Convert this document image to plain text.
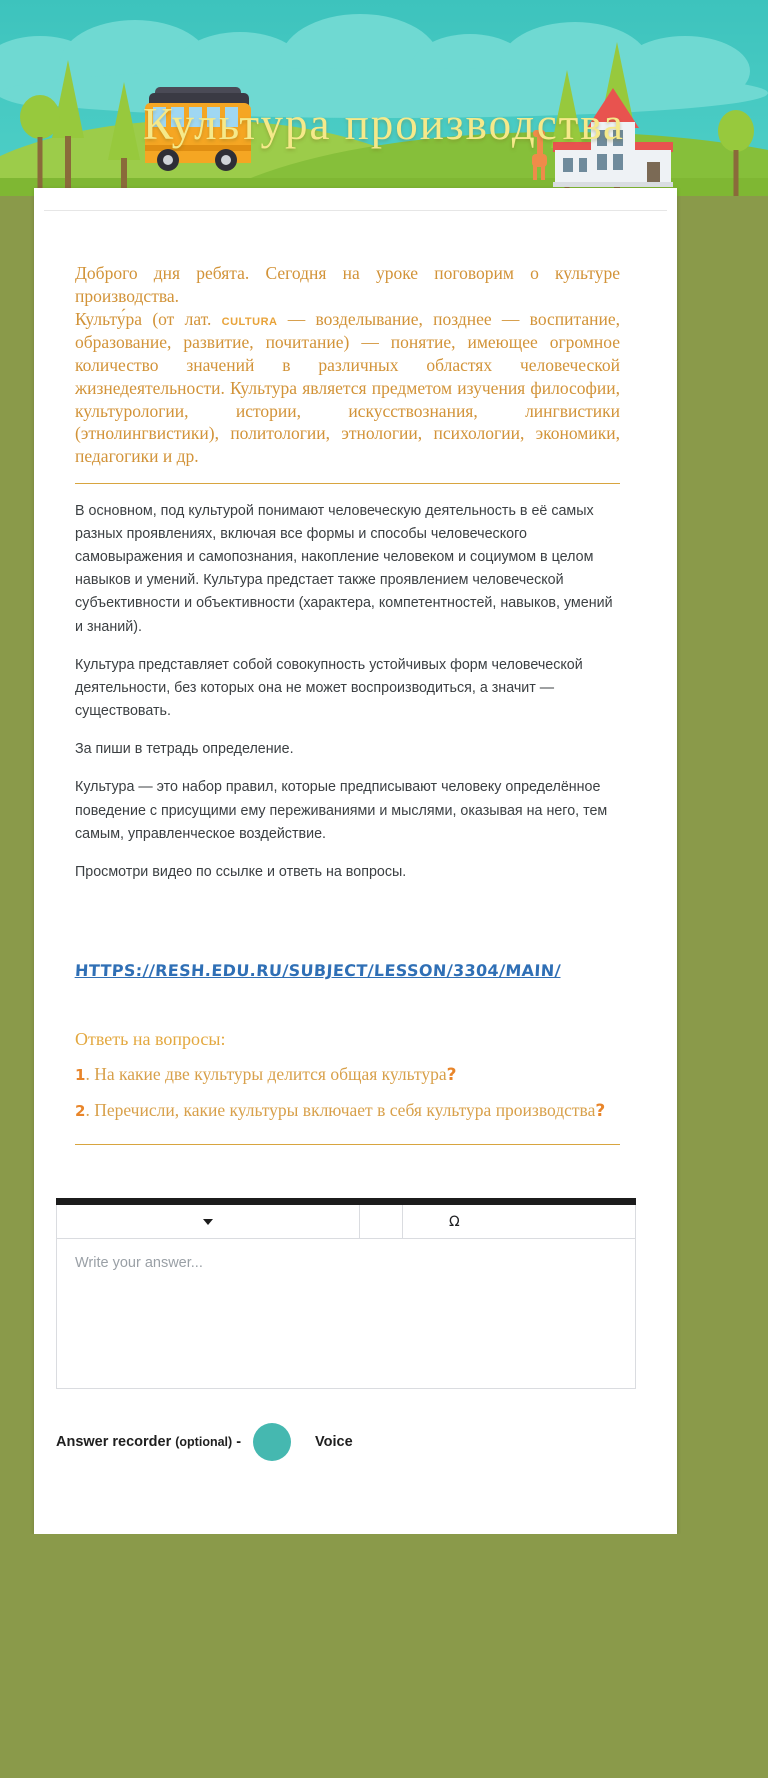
Культура производства

Доброго дня ребята. Сегодня на уроке поговорим о культуре производства.

Культу́ра (от лат. cultura — возделывание, позднее — воспитание, образование, развитие, почитание) — понятие, имеющее огромное количество значений в различных областях человеческой жизнедеятельности. Культура является предметом изучения философии, культурологии, истории, искусствознания, лингвистики (этнолингвистики), политологии, этнологии, психологии, экономики, педагогики и др.

В основном, под культурой понимают человеческую деятельность в её самых разных проявлениях, включая все формы и способы человеческого самовыражения и самопознания, накопление человеком и социумом в целом навыков и умений. Культура предстает также проявлением человеческой субъективности и объективности (характера, компетентностей, навыков, умений и знаний).

Культура представляет собой совокупность устойчивых форм человеческой деятельности, без которых она не может воспроизводиться, а значит — существовать.

За пиши в тетрадь определение.

Культура — это набор правил, которые предписывают человеку определённое поведение с присущими ему переживаниями и мыслями, оказывая на него, тем самым, управленческое воздействие.

Просмотри видео по ссылке и ответь на вопросы.

HTTPS://RESH.EDU.RU/SUBJECT/LESSON/3304/MAIN/
Ответь на вопросы:
1. На какие две культуры делится общая культура?
2. Перечисли, какие культуры включает в себя культура производства?
Ω
Write your answer...
Answer recorder (optional) -	Voice
